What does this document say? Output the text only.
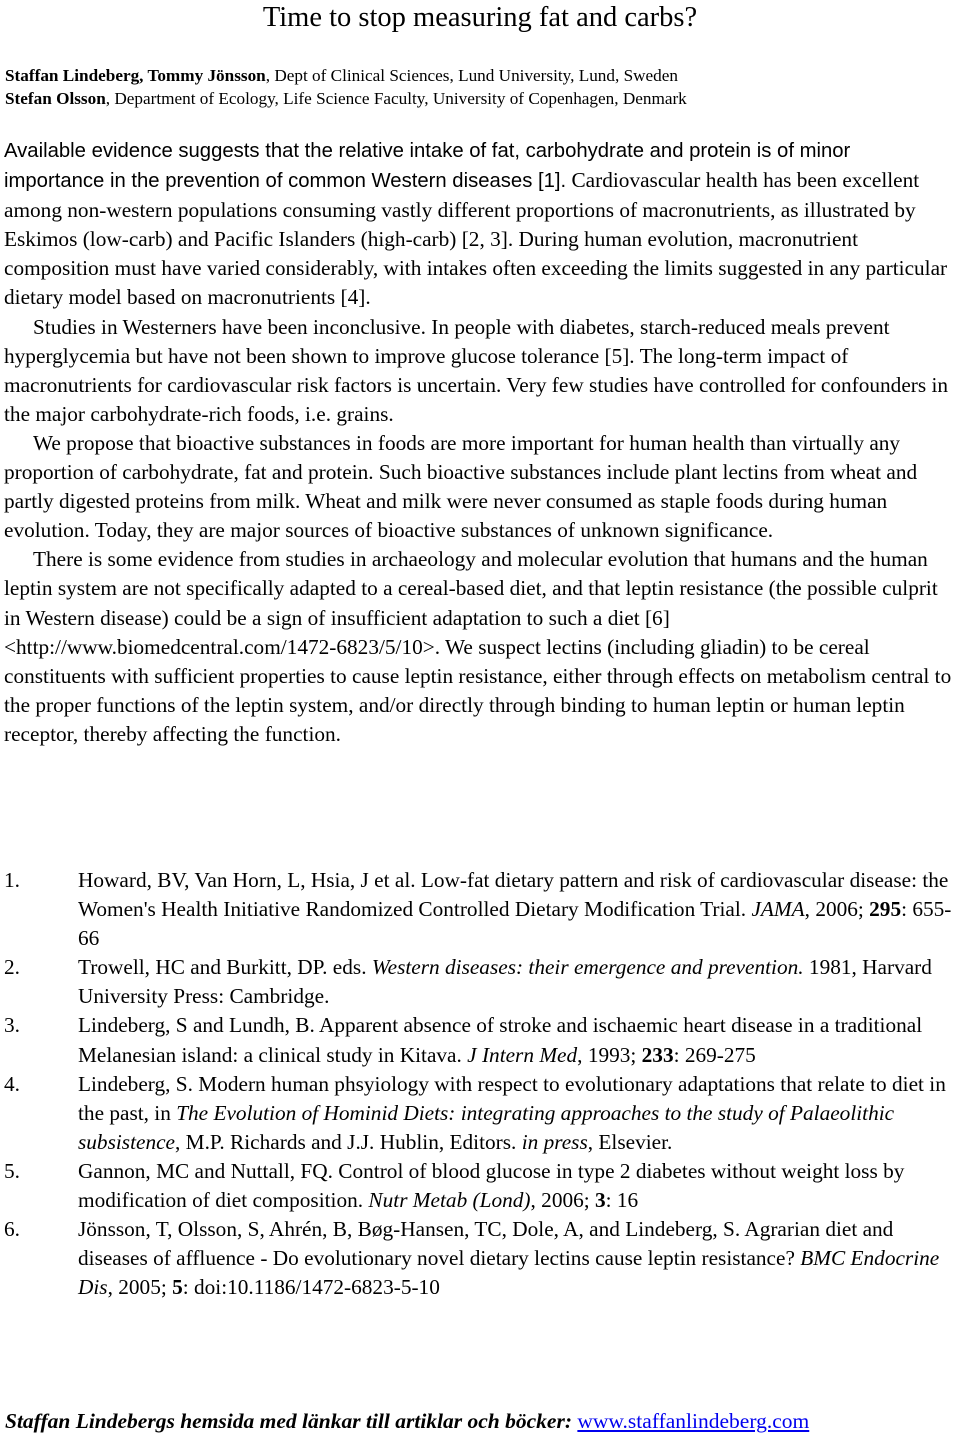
Time to stop measuring fat and carbs?
Staffan Lindeberg, Tommy Jönsson, Dept of Clinical Sciences, Lund University, Lund, Sweden
Stefan Olsson, Department of Ecology, Life Science Faculty, University of Copenhagen, Denmark

Available evidence suggests that the relative intake of fat, carbohydrate and protein is of minor importance in the prevention of common Western diseases [1]. Cardiovascular health has been excellent among non-western populations consuming vastly different proportions of macronutrients, as illustrated by Eskimos (low-carb) and Pacific Islanders (high-carb) [2, 3]. During human evolution, macronutrient composition must have varied considerably, with intakes often exceeding the limits suggested in any particular dietary model based on macronutrients [4].

Studies in Westerners have been inconclusive. In people with diabetes, starch-reduced meals prevent hyperglycemia but have not been shown to improve glucose tolerance [5]. The long-term impact of macronutrients for cardiovascular risk factors is uncertain. Very few studies have controlled for confounders in the major carbohydrate-rich foods, i.e. grains.

We propose that bioactive substances in foods are more important for human health than virtually any proportion of carbohydrate, fat and protein. Such bioactive substances include plant lectins from wheat and partly digested proteins from milk. Wheat and milk were never consumed as staple foods during human evolution. Today, they are major sources of bioactive substances of unknown significance.

There is some evidence from studies in archaeology and molecular evolution that humans and the human leptin system are not specifically adapted to a cereal-based diet, and that leptin resistance (the possible culprit in Western disease) could be a sign of insufficient adaptation to such a diet [6] <http://www.biomedcentral.com/1472-6823/5/10>. We suspect lectins (including gliadin) to be cereal constituents with sufficient properties to cause leptin resistance, either through effects on metabolism central to the proper functions of the leptin system, and/or directly through binding to human leptin or human leptin receptor, thereby affecting the function.

1.	Howard, BV, Van Horn, L, Hsia, J et al. Low-fat dietary pattern and risk of cardiovascular disease: the Women's Health Initiative Randomized Controlled Dietary Modification Trial. JAMA, 2006; 295: 655-66
2.	Trowell, HC and Burkitt, DP. eds. Western diseases: their emergence and prevention. 1981, Harvard University Press: Cambridge.
3.	Lindeberg, S and Lundh, B. Apparent absence of stroke and ischaemic heart disease in a traditional Melanesian island: a clinical study in Kitava. J Intern Med, 1993; 233: 269-275
4.	Lindeberg, S. Modern human phsyiology with respect to evolutionary adaptations that relate to diet in the past, in The Evolution of Hominid Diets: integrating approaches to the study of Palaeolithic subsistence, M.P. Richards and J.J. Hublin, Editors. in press, Elsevier.
5.	Gannon, MC and Nuttall, FQ. Control of blood glucose in type 2 diabetes without weight loss by modification of diet composition. Nutr Metab (Lond), 2006; 3: 16
6.	Jönsson, T, Olsson, S, Ahrén, B, Bøg-Hansen, TC, Dole, A, and Lindeberg, S. Agrarian diet and diseases of affluence - Do evolutionary novel dietary lectins cause leptin resistance? BMC Endocrine Dis, 2005; 5: doi:10.1186/1472-6823-5-10
Staffan Lindebergs hemsida med länkar till artiklar och böcker: www.staffanlindeberg.com
